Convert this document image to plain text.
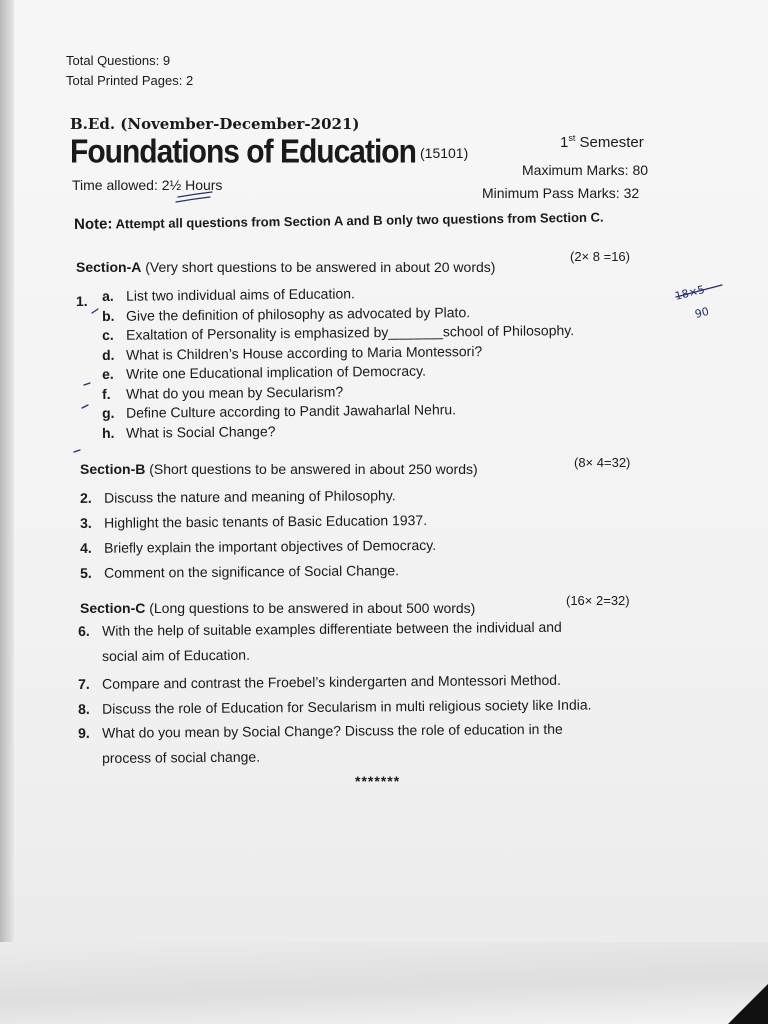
Total Questions: 9
Total Printed Pages: 2
B.Ed. (November-December-2021)
Foundations of Education (15101)
1st Semester
Time allowed: 2½ Hours
Maximum Marks: 80
Minimum Pass Marks: 32
Note: Attempt all questions from Section A and B only two questions from Section C.
Section-A (Very short questions to be answered in about 20 words)
(2× 8 =16)
1.
Section-B (Short questions to be answered in about 250 words)	(8× 4=32)
Section-C (Long questions to be answered in about 500 words)	(16× 2=32)
*******
18×5
90
a. List two individual aims of Education.
b. Give the definition of philosophy as advocated by Plato.
c. Exaltation of Personality is emphasized by_______school of Philosophy.
d. What is Children’s House according to Maria Montessori?
e. Write one Educational implication of Democracy.
f. What do you mean by Secularism?
g. Define Culture according to Pandit Jawaharlal Nehru.
h. What is Social Change?
2. Discuss the nature and meaning of Philosophy.
3. Highlight the basic tenants of Basic Education 1937.
4. Briefly explain the important objectives of Democracy.
5. Comment on the significance of Social Change.
6. With the help of suitable examples differentiate between the individual and
social aim of Education.
7. Compare and contrast the Froebel’s kindergarten and Montessori Method.
8. Discuss the role of Education for Secularism in multi religious society like India.
9. What do you mean by Social Change? Discuss the role of education in the
process of social change.
